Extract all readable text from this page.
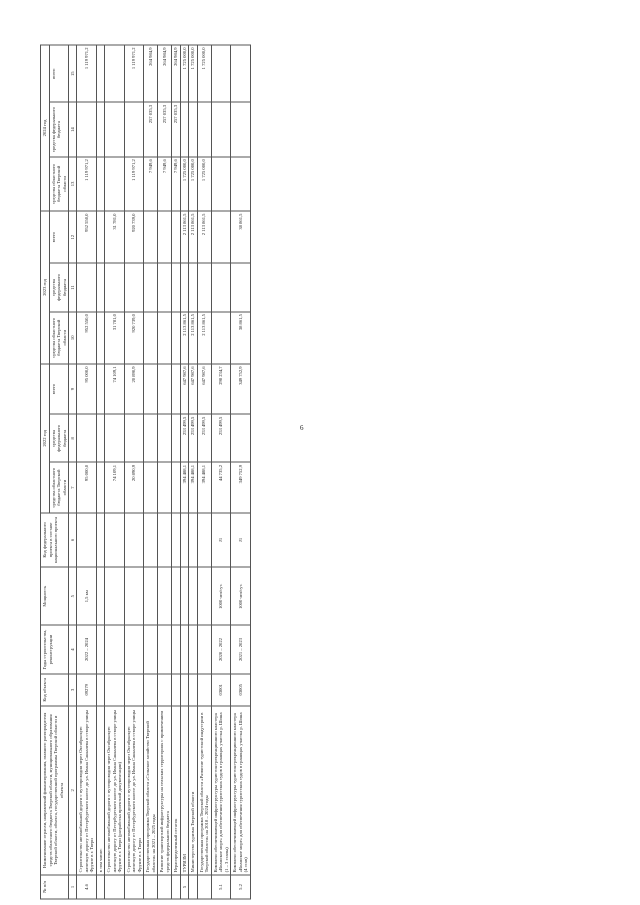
6
№ п/п	Наименование отрасли, направлений финансирования, главного распорядителя средств областного бюджета Тверской области, муниципального образования Тверской области, объекта, государственной программы Тверской области и объекта	Код объекта	Годы строительства, реконструкции	Мощность	Код федерального проекта в составе национального проекта	2022 год			2023 год			2024 год		
						средства областного бюджета Тверской области	средства федерального бюджета	всего	средства областного бюджета Тверской области	средства федерального бюджета	всего	средства областного бюджета Тверской области	средства федерального бюджета	всего
1	2	3	4	5	6	7	8	9	10	11	12	13	14	15
4.6	Строительство автомобильной дороги с путепроводом через Октябрьскую железную дорогу от Петербургского шоссе до ул. Ивана Саккалева в створе улицы Фрунзе в г. Твери	09279	2022 – 2024	1,5 км		95 000,0		95 000,0	952 550,0		952 550,0	1 119 971,2		1 119 971,2
	в том числе:													
	Строительство автомобильной дороги с путепроводом через Октябрьскую железную дорогу от Петербургского шоссе до ул. Ивана Саккалева в створе улицы Фрунзе в г. Твери (разработка проектной документации)					74 109,1		74 109,1	31 781,0		31 781,0			
	Строительство автомобильной дороги с путепроводом через Октябрьскую железную дорогу от Петербургского шоссе до ул. Ивана Саккалева в створе улицы Фрунзе в г. Твери					20 890,9		20 890,9	920 739,0		920 739,0	1 119 971,2		1 119 971,2
	Государственная программа Тверской области «Сельское хозяйство Тверской области» на 2021 – 2025 годы											7 949,6	257 035,3	264 984,9
	Развитие транспортной инфраструктуры на сельских территориях с привлечением средств федерального бюджета											7 949,6	257 035,3	264 984,9
	Нераспределенный остаток											7 949,6	257 035,3	264 984,9
5	ТУРИЗМ					394 488,1	253 499,5	647 987,6	2 113 861,5		2 113 861,5	1 725 000,0		1 725 000,0
	Министерство туризма Тверской области					394 488,1	253 499,5	647 987,6	2 113 861,5		2 113 861,5	1 725 000,0		1 725 000,0
	Государственная программа Тверской области «Развитие туристской индустрии в Тверской области» на 2018 – 2024 годы					394 488,1	253 499,5	647 987,6	2 113 861,5		2 113 861,5	1 725 000,0		1 725 000,0
5.1	Комплекс обеспечивающей инфраструктуры туристско-рекреационного кластера «Волжское море» для обеспечения туристских судов в границах участка р. Шоша (1 – 3 этапы)	03001	2020 – 2022	1000 чел/сут.	J1	44 735,2	253 499,5	298 234,7						
5.2	Комплекс обеспечивающей инфраструктуры туристско-рекреационного кластера «Волжское море» для обеспечения туристских судов в границах участка р. Шоша (4 этап)	03005	2021 – 2023	1000 чел/сут.	J1	349 752,9		349 752,9	38 861,5		38 861,5			
